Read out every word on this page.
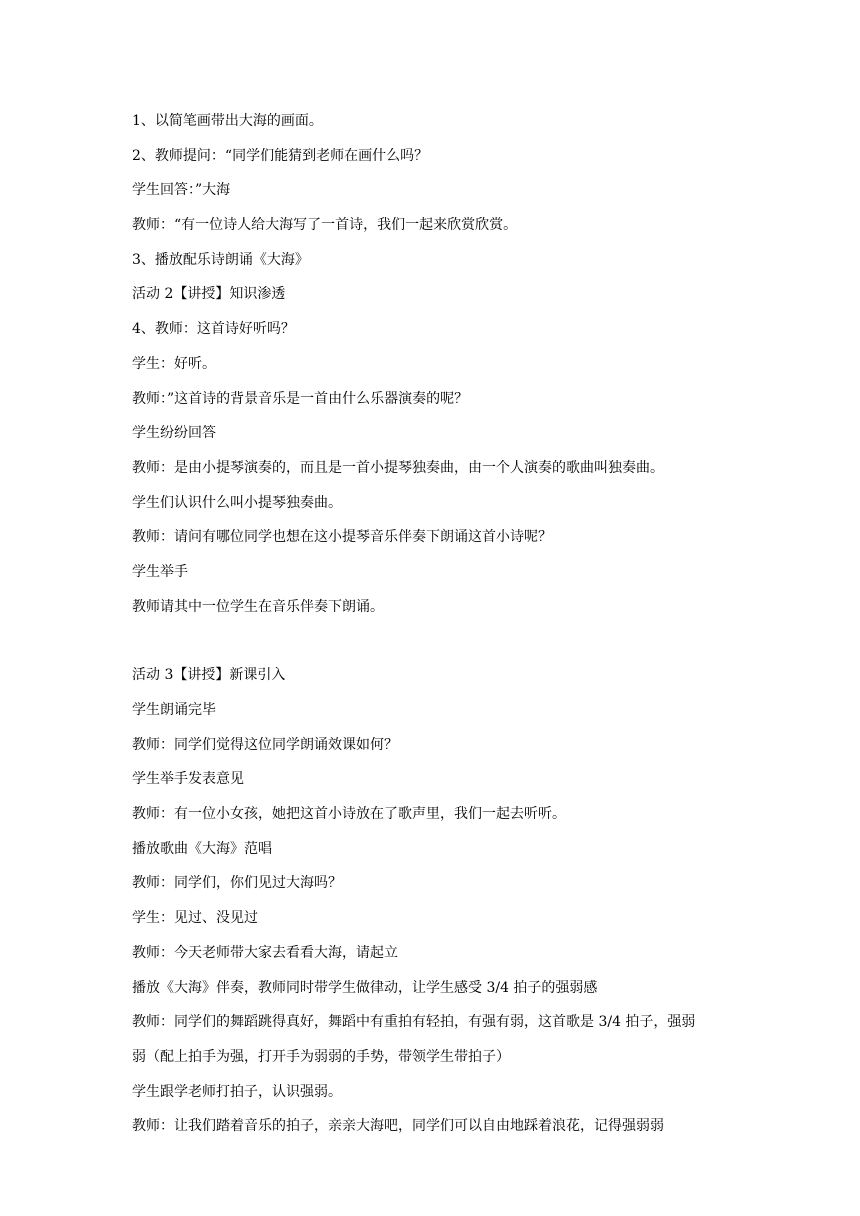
1、以简笔画带出大海的画面。
2、教师提问：“同学们能猜到老师在画什么吗？
学生回答：”大海
教师：“有一位诗人给大海写了一首诗，我们一起来欣赏欣赏。
3、播放配乐诗朗诵《大海》
活动 2【讲授】知识渗透
4、教师：这首诗好听吗？
学生：好听。
教师：”这首诗的背景音乐是一首由什么乐器演奏的呢？
学生纷纷回答
教师：是由小提琴演奏的，而且是一首小提琴独奏曲，由一个人演奏的歌曲叫独奏曲。
学生们认识什么叫小提琴独奏曲。
教师：请问有哪位同学也想在这小提琴音乐伴奏下朗诵这首小诗呢？
学生举手
教师请其中一位学生在音乐伴奏下朗诵。
活动 3【讲授】新课引入
学生朗诵完毕
教师：同学们觉得这位同学朗诵效课如何？
学生举手发表意见
教师：有一位小女孩，她把这首小诗放在了歌声里，我们一起去听听。
播放歌曲《大海》范唱
教师：同学们，你们见过大海吗？
学生：见过、没见过
教师：今天老师带大家去看看大海，请起立
播放《大海》伴奏，教师同时带学生做律动，让学生感受 3/4 拍子的强弱感
教师：同学们的舞蹈跳得真好，舞蹈中有重拍有轻拍，有强有弱，这首歌是 3/4 拍子，强弱
弱（配上拍手为强，打开手为弱弱的手势，带领学生带拍子）
学生跟学老师打拍子，认识强弱。
教师：让我们踏着音乐的拍子，亲亲大海吧，同学们可以自由地踩着浪花，记得强弱弱
